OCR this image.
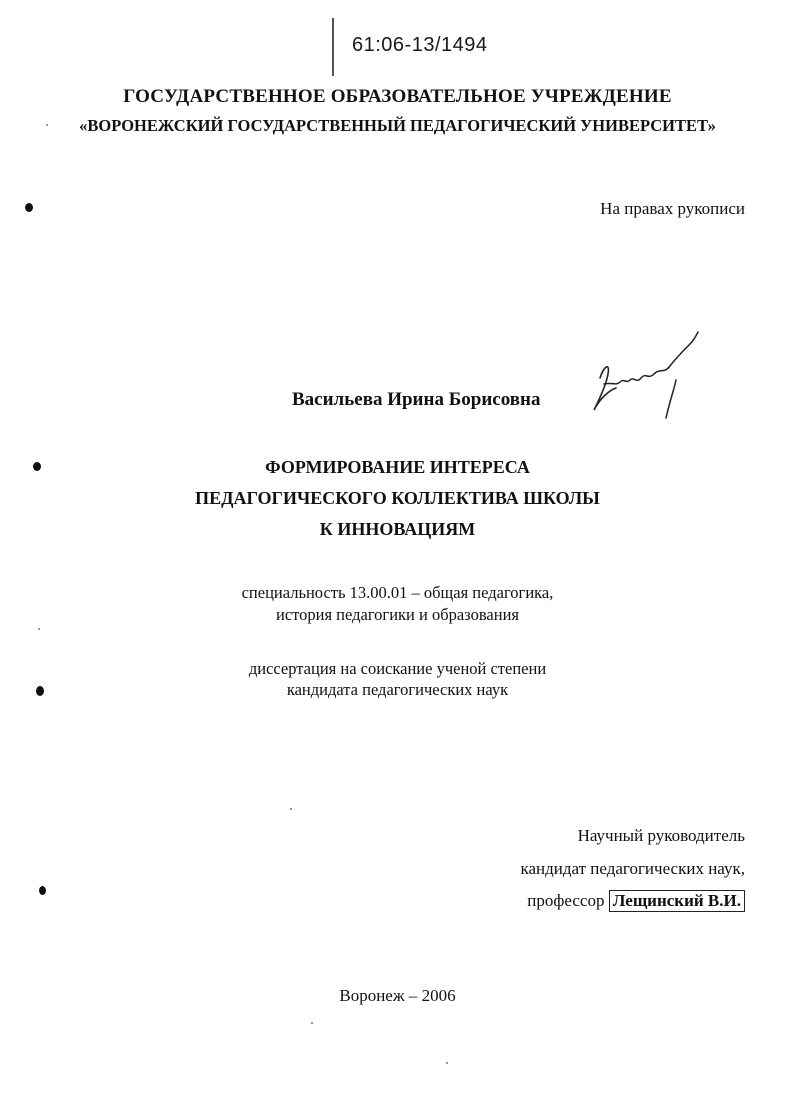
61:06-13/1494
ГОСУДАРСТВЕННОЕ ОБРАЗОВАТЕЛЬНОЕ УЧРЕЖДЕНИЕ
«ВОРОНЕЖСКИЙ ГОСУДАРСТВЕННЫЙ ПЕДАГОГИЧЕСКИЙ УНИВЕРСИТЕТ»
На правах рукописи
Васильева Ирина Борисовна
ФОРМИРОВАНИЕ ИНТЕРЕСА
ПЕДАГОГИЧЕСКОГО КОЛЛЕКТИВА ШКОЛЫ
К ИННОВАЦИЯМ
специальность 13.00.01 – общая педагогика,
история педагогики и образования
диссертация на соискание ученой степени
кандидата педагогических наук
Научный руководитель
кандидат педагогических наук,
профессор Лещинский В.И.
Воронеж – 2006
